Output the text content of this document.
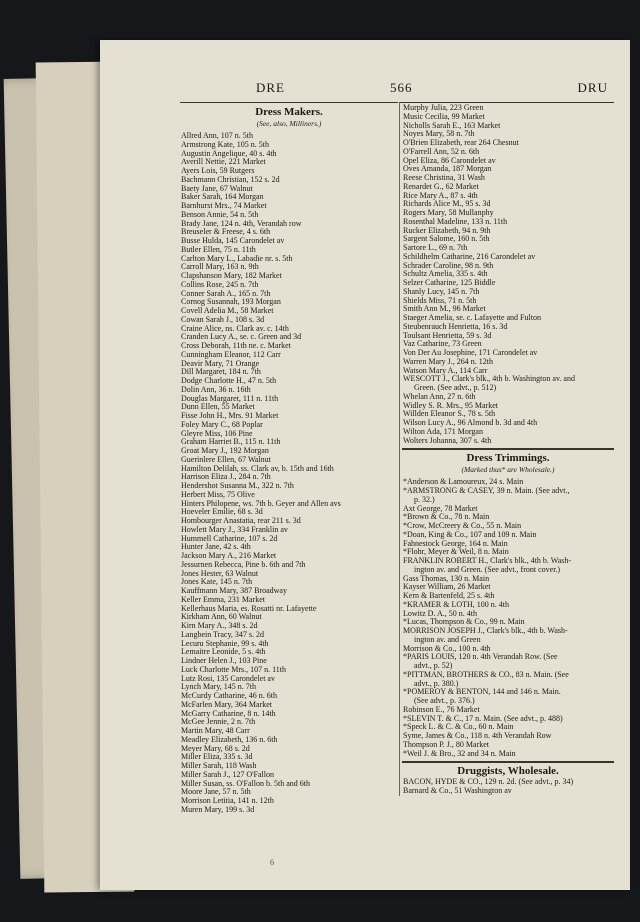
DRE	566	DRU
Dress Makers.
(See, also, Milliners.)
Allred Ann, 107 n. 5th
Armstrong Kate, 105 n. 5th
Augustin Angelique, 40 s. 4th
Averill Nettie, 221 Market
Ayers Lois, 59 Rutgers
Bachmann Christian, 152 s. 2d
Baety Jane, 67 Walnut
Baker Sarah, 164 Morgan
Barnhurst Mrs., 74 Market
Benson Annie, 54 n. 5th
Brady Jane, 124 n. 4th, Verandah row
Breuseler & Freese, 4 s. 6th
Busse Hulda, 145 Carondelet av
Butler Ellen, 75 n. 11th
Carlton Mary L., Labadie nr. s. 5th
Carroll Mary, 163 n. 9th
Clapshanson Mary, 182 Market
Collins Rose, 245 n. 7th
Conner Sarah A., 165 n. 7th
Cornog Susannah, 193 Morgan
Covell Adelia M., 58 Market
Cowan Sarah J., 108 s. 3d
Craine Alice, ns. Clark av. c. 14th
Cranden Lucy A., se. c. Green and 3d
Cross Deborah, 11th ne. c. Market
Cunningham Eleanor, 112 Carr
Deavir Mary, 71 Orange
Dill Margaret, 184 n. 7th
Dodge Charlotte H., 47 n. 5th
Dolin Ann, 36 n. 16th
Douglas Margaret, 111 n. 11th
Dunn Ellen, 55 Market
Fisse John H., Mrs. 91 Market
Foley Mary C., 68 Poplar
Gleyre Miss, 106 Pine
Graham Harriet B., 115 n. 11th
Groat Mary J., 192 Morgan
Guerinlere Ellen, 67 Walnut
Hamilton Delilah, ss. Clark av, b. 15th and 16th
Harrison Eliza J., 284 n. 7th
Hendershot Susanna M., 322 n. 7th
Herbert Miss, 75 Olive
Hinters Philopene, ws. 7th b. Geyer and Allen avs
Hoeveler Emilie, 68 s. 3d
Hombourger Anastatia, rear 211 s. 3d
Howlett Mary J., 334 Franklin av
Hummell Catharine, 107 s. 2d
Hunter Jane, 42 s. 4th
Jackson Mary A., 216 Market
Jessurnen Rebecca, Pine b. 6th and 7th
Jones Hester, 63 Walnut
Jones Kate, 145 n. 7th
Kauffmann Mary, 387 Broadway
Keller Emma, 231 Market
Kellerhaus Maria, es. Rosatti nr. Lafayette
Kirkham Ann, 60 Walnut
Kirn Mary A., 348 s. 2d
Langbein Tracy, 347 s. 2d
Lecuru Stephanie, 99 s. 4th
Lemaitre Leonide, 5 s. 4th
Lindner Helen J., 103 Pine
Luck Charlotte Mrs., 107 n. 11th
Lutz Rosi, 135 Carondelet av
Lynch Mary, 145 n. 7th
McCurdy Catharine, 46 n. 6th
McFarlen Mary, 364 Market
McGarry Catharine, 8 n. 14th
McGee Jennie, 2 n. 7th
Martin Mary, 48 Carr
Meadley Elizabeth, 136 n. 6th
Meyer Mary, 68 s. 2d
Miller Eliza, 335 s. 3d
Miller Sarah, 118 Wash
Miller Sarah J., 127 O'Fallon
Miller Susan, ss. O'Fallon b. 5th and 6th
Moore Jane, 57 n. 5th
Morrison Letitia, 141 n. 12th
Muren Mary, 199 s. 3d
Murphy Julia, 223 Green
Music Cecilia, 99 Market
Nicholls Sarah E., 163 Market
Noyes Mary, 58 n. 7th
O'Brien Elizabeth, rear 264 Chesnut
O'Farrell Ann, 52 n. 6th
Opel Eliza, 86 Carondelet av
Oves Amanda, 187 Morgan
Reese Christina, 31 Wash
Renardet G., 62 Market
Rice Mary A., 87 s. 4th
Richards Alice M., 95 s. 3d
Rogers Mary, 58 Mullanphy
Rosenthal Madeline, 133 n. 11th
Rucker Elizabeth, 94 n. 9th
Sargent Salome, 160 n. 5th
Sartore L., 69 n. 7th
Schildhelm Catharine, 216 Carondelet av
Schrader Caroline, 98 n. 9th
Schultz Amelia, 335 s. 4th
Selzer Catharine, 125 Biddle
Shanly Lucy, 145 n. 7th
Shields Miss, 71 n. 5th
Smith Ann M., 96 Market
Staeger Amelia, se. c. Lafayette and Fulton
Steubenrauch Henrietta, 16 s. 3d
Toulsant Henrietta, 59 s. 3d
Vaz Catharine, 73 Green
Von Der Au Josephine, 171 Carondelet av
Warren Mary J., 264 n. 12th
Watson Mary A., 114 Carr
WESCOTT J., Clark's blk., 4th b. Washington av. and
Green. (See advt., p. 512)
Whelan Ann, 27 n. 6th
Widley S. R. Mrs., 95 Market
Willden Eleanor S., 78 s. 5th
Wilson Lucy A., 96 Almond b. 3d and 4th
Wilton Ada, 171 Morgan
Wolters Johanna, 307 s. 4th
Dress Trimmings.
(Marked thus* are Wholesale.)
*Anderson & Lamoureux, 24 s. Main
*ARMSTRONG & CASEY, 39 n. Main. (See advt.,
p. 32.)
Axt George, 78 Market
*Brown & Co., 78 n. Main
*Crow, McCreery & Co., 55 n. Main
*Doan, King & Co., 107 and 109 n. Main
Fahnestock George, 164 n. Main
*Flohr, Meyer & Weil, 8 n. Main
FRANKLIN ROBERT H., Clark's blk., 4th b. Wash-
ington av. and Green. (See advt., front cover.)
Gass Thomas, 130 n. Main
Kayser William, 26 Market
Kern & Bartenfeld, 25 s. 4th
*KRAMER & LOTH, 100 n. 4th
Lowitz D. A., 50 n. 4th
*Lucas, Thompson & Co., 99 n. Main
MORRISON JOSEPH J., Clark's blk., 4th b. Wash-
ington av. and Green
Morrison & Co., 100 n. 4th
*PARIS LOUIS, 120 n. 4th Verandah Row. (See
advt., p. 52)
*PITTMAN, BROTHERS & CO., 83 n. Main. (See
advt., p. 380.)
*POMEROY & BENTON, 144 and 146 n. Main.
(See advt., p. 376.)
Robinson E., 76 Market
*SLEVIN T. & C., 17 n. Main. (See advt., p. 488)
*Speck L. & C. & Co., 60 n. Main
Syme, James & Co., 118 n. 4th Verandah Row
Thompson P. J., 80 Market
*Weil J. & Bro., 32 and 34 n. Main
Druggists, Wholesale.
BACON, HYDE & CO., 129 n. 2d. (See advt., p. 34)
Barnard & Co., 51 Washington av
6
